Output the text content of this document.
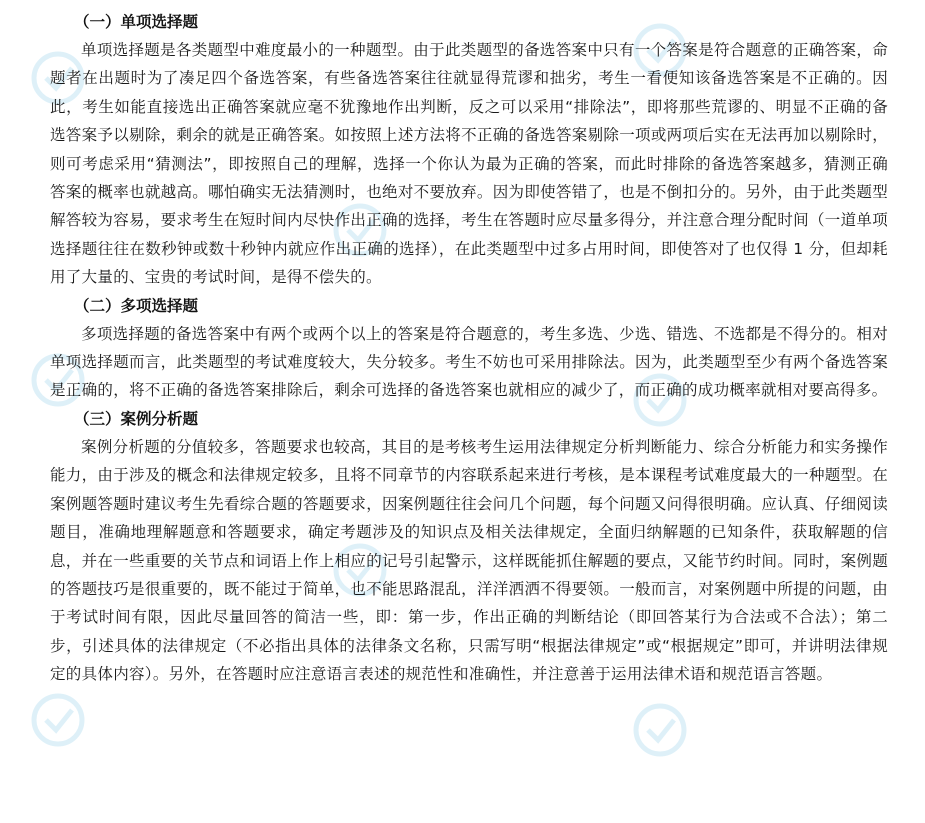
（一）单项选择题

单项选择题是各类题型中难度最小的一种题型。由于此类题型的备选答案中只有一个答案是符合题意的正确答案，命题者在出题时为了凑足四个备选答案，有些备选答案往往就显得荒谬和拙劣，考生一看便知该备选答案是不正确的。因此，考生如能直接选出正确答案就应毫不犹豫地作出判断，反之可以采用“排除法”，即将那些荒谬的、明显不正确的备选答案予以剔除，剩余的就是正确答案。如按照上述方法将不正确的备选答案剔除一项或两项后实在无法再加以剔除时，则可考虑采用“猜测法”，即按照自己的理解，选择一个你认为最为正确的答案，而此时排除的备选答案越多，猜测正确答案的概率也就越高。哪怕确实无法猜测时，也绝对不要放弃。因为即使答错了，也是不倒扣分的。另外，由于此类题型解答较为容易，要求考生在短时间内尽快作出正确的选择，考生在答题时应尽量多得分，并注意合理分配时间（一道单项选择题往往在数秒钟或数十秒钟内就应作出正确的选择），在此类题型中过多占用时间，即使答对了也仅得 1 分，但却耗用了大量的、宝贵的考试时间，是得不偿失的。

（二）多项选择题

多项选择题的备选答案中有两个或两个以上的答案是符合题意的，考生多选、少选、错选、不选都是不得分的。相对单项选择题而言，此类题型的考试难度较大，失分较多。考生不妨也可采用排除法。因为，此类题型至少有两个备选答案是正确的，将不正确的备选答案排除后，剩余可选择的备选答案也就相应的减少了，而正确的成功概率就相对要高得多。

（三）案例分析题

案例分析题的分值较多，答题要求也较高，其目的是考核考生运用法律规定分析判断能力、综合分析能力和实务操作能力，由于涉及的概念和法律规定较多，且将不同章节的内容联系起来进行考核，是本课程考试难度最大的一种题型。在案例题答题时建议考生先看综合题的答题要求，因案例题往往会问几个问题，每个问题又问得很明确。应认真、仔细阅读题目，准确地理解题意和答题要求，确定考题涉及的知识点及相关法律规定，全面归纳解题的已知条件，获取解题的信息，并在一些重要的关节点和词语上作上相应的记号引起警示，这样既能抓住解题的要点，又能节约时间。同时，案例题的答题技巧是很重要的，既不能过于简单，也不能思路混乱，洋洋洒洒不得要领。一般而言，对案例题中所提的问题，由于考试时间有限，因此尽量回答的简洁一些，即：第一步，作出正确的判断结论（即回答某行为合法或不合法）；第二步，引述具体的法律规定（不必指出具体的法律条文名称，只需写明“根据法律规定”或“根据规定”即可，并讲明法律规定的具体内容）。另外，在答题时应注意语言表述的规范性和准确性，并注意善于运用法律术语和规范语言答题。
